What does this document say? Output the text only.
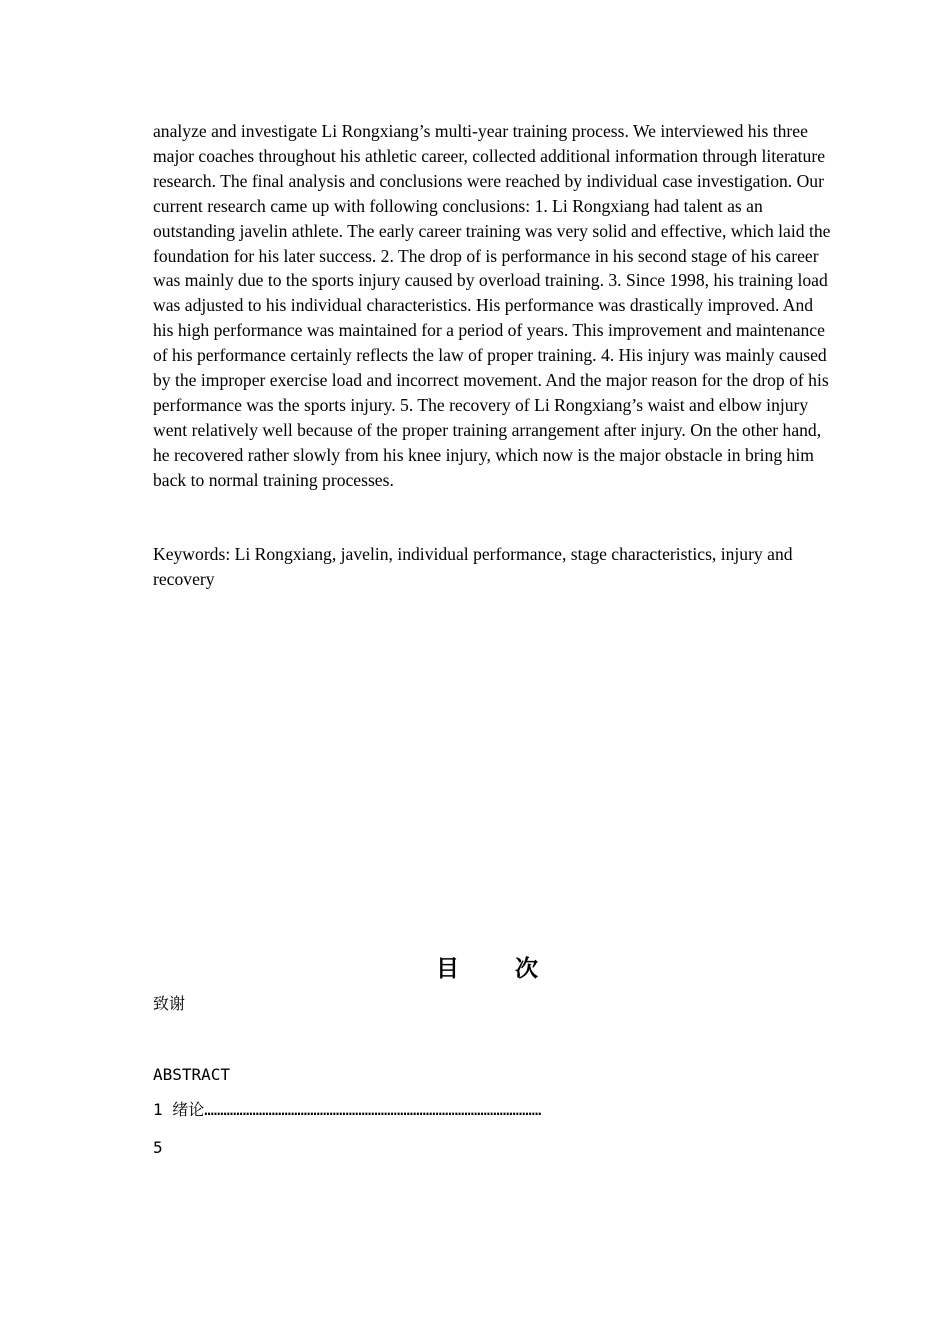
analyze and investigate Li Rongxiang’s multi-year training process. We interviewed his three major coaches throughout his athletic career, collected additional information through literature research. The final analysis and conclusions were reached by individual case investigation. Our current research came up with following conclusions: 1. Li Rongxiang had talent as an outstanding javelin athlete. The early career training was very solid and effective, which laid the foundation for his later success. 2. The drop of is performance in his second stage of his career was mainly due to the sports injury caused by overload training. 3. Since 1998, his training load was adjusted to his individual characteristics. His performance was drastically improved. And his high performance was maintained for a period of years. This improvement and maintenance of his performance certainly reflects the law of proper training. 4. His injury was mainly caused by the improper exercise load and incorrect movement. And the major reason for the drop of his performance was the sports injury. 5. The recovery of Li Rongxiang’s waist and elbow injury went relatively well because of the proper training arrangement after injury. On the other hand, he recovered rather slowly from his knee injury, which now is the major obstacle in bring him back to normal training processes.

Keywords: Li Rongxiang, javelin, individual performance, stage characteristics, injury and recovery

目 次

致谢

ABSTRACT

1 绪论……………………………………………………………………………………………

5
